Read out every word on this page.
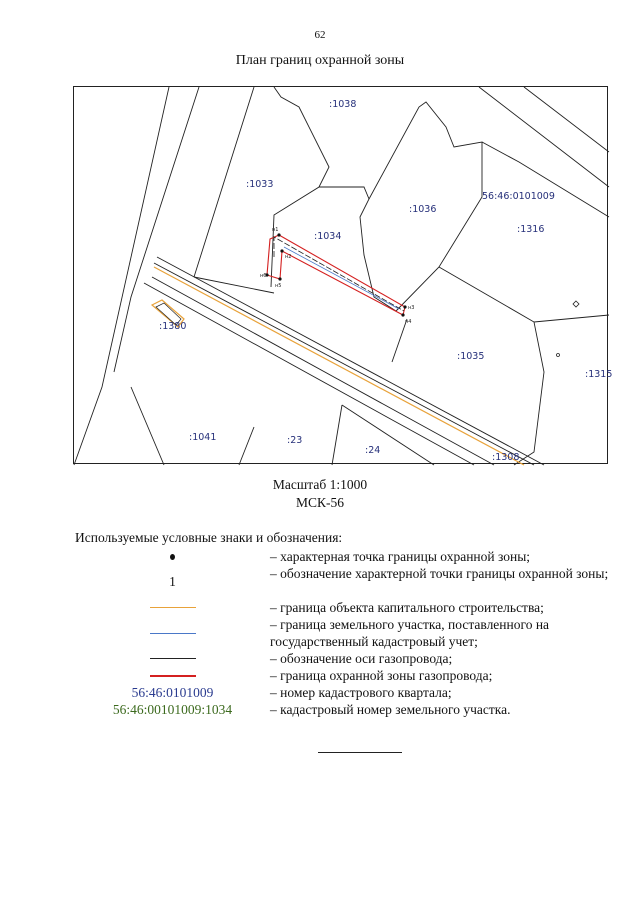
62
План границ охранной зоны
н1
н2
н3
н4
н5
н6
:1038
:1033
:1036
:1034
:1316
:1380
:1035
:1315
:1041	:23
:24
:1308
56:46:0101009
Масштаб 1:1000
МСК-56
Используемые условные знаки и обозначения:
– характерная точка границы охранной зоны;
1
– обозначение характерной точки границы охранной зоны;
– граница объекта капитального строительства;
– граница земельного участка, поставленного на государственный кадастровый учет;
– обозначение оси газопровода;
– граница охранной зоны газопровода;
56:46:0101009	– номер кадастрового квартала;
56:46:00101009:1034	– кадастровый номер земельного участка.
